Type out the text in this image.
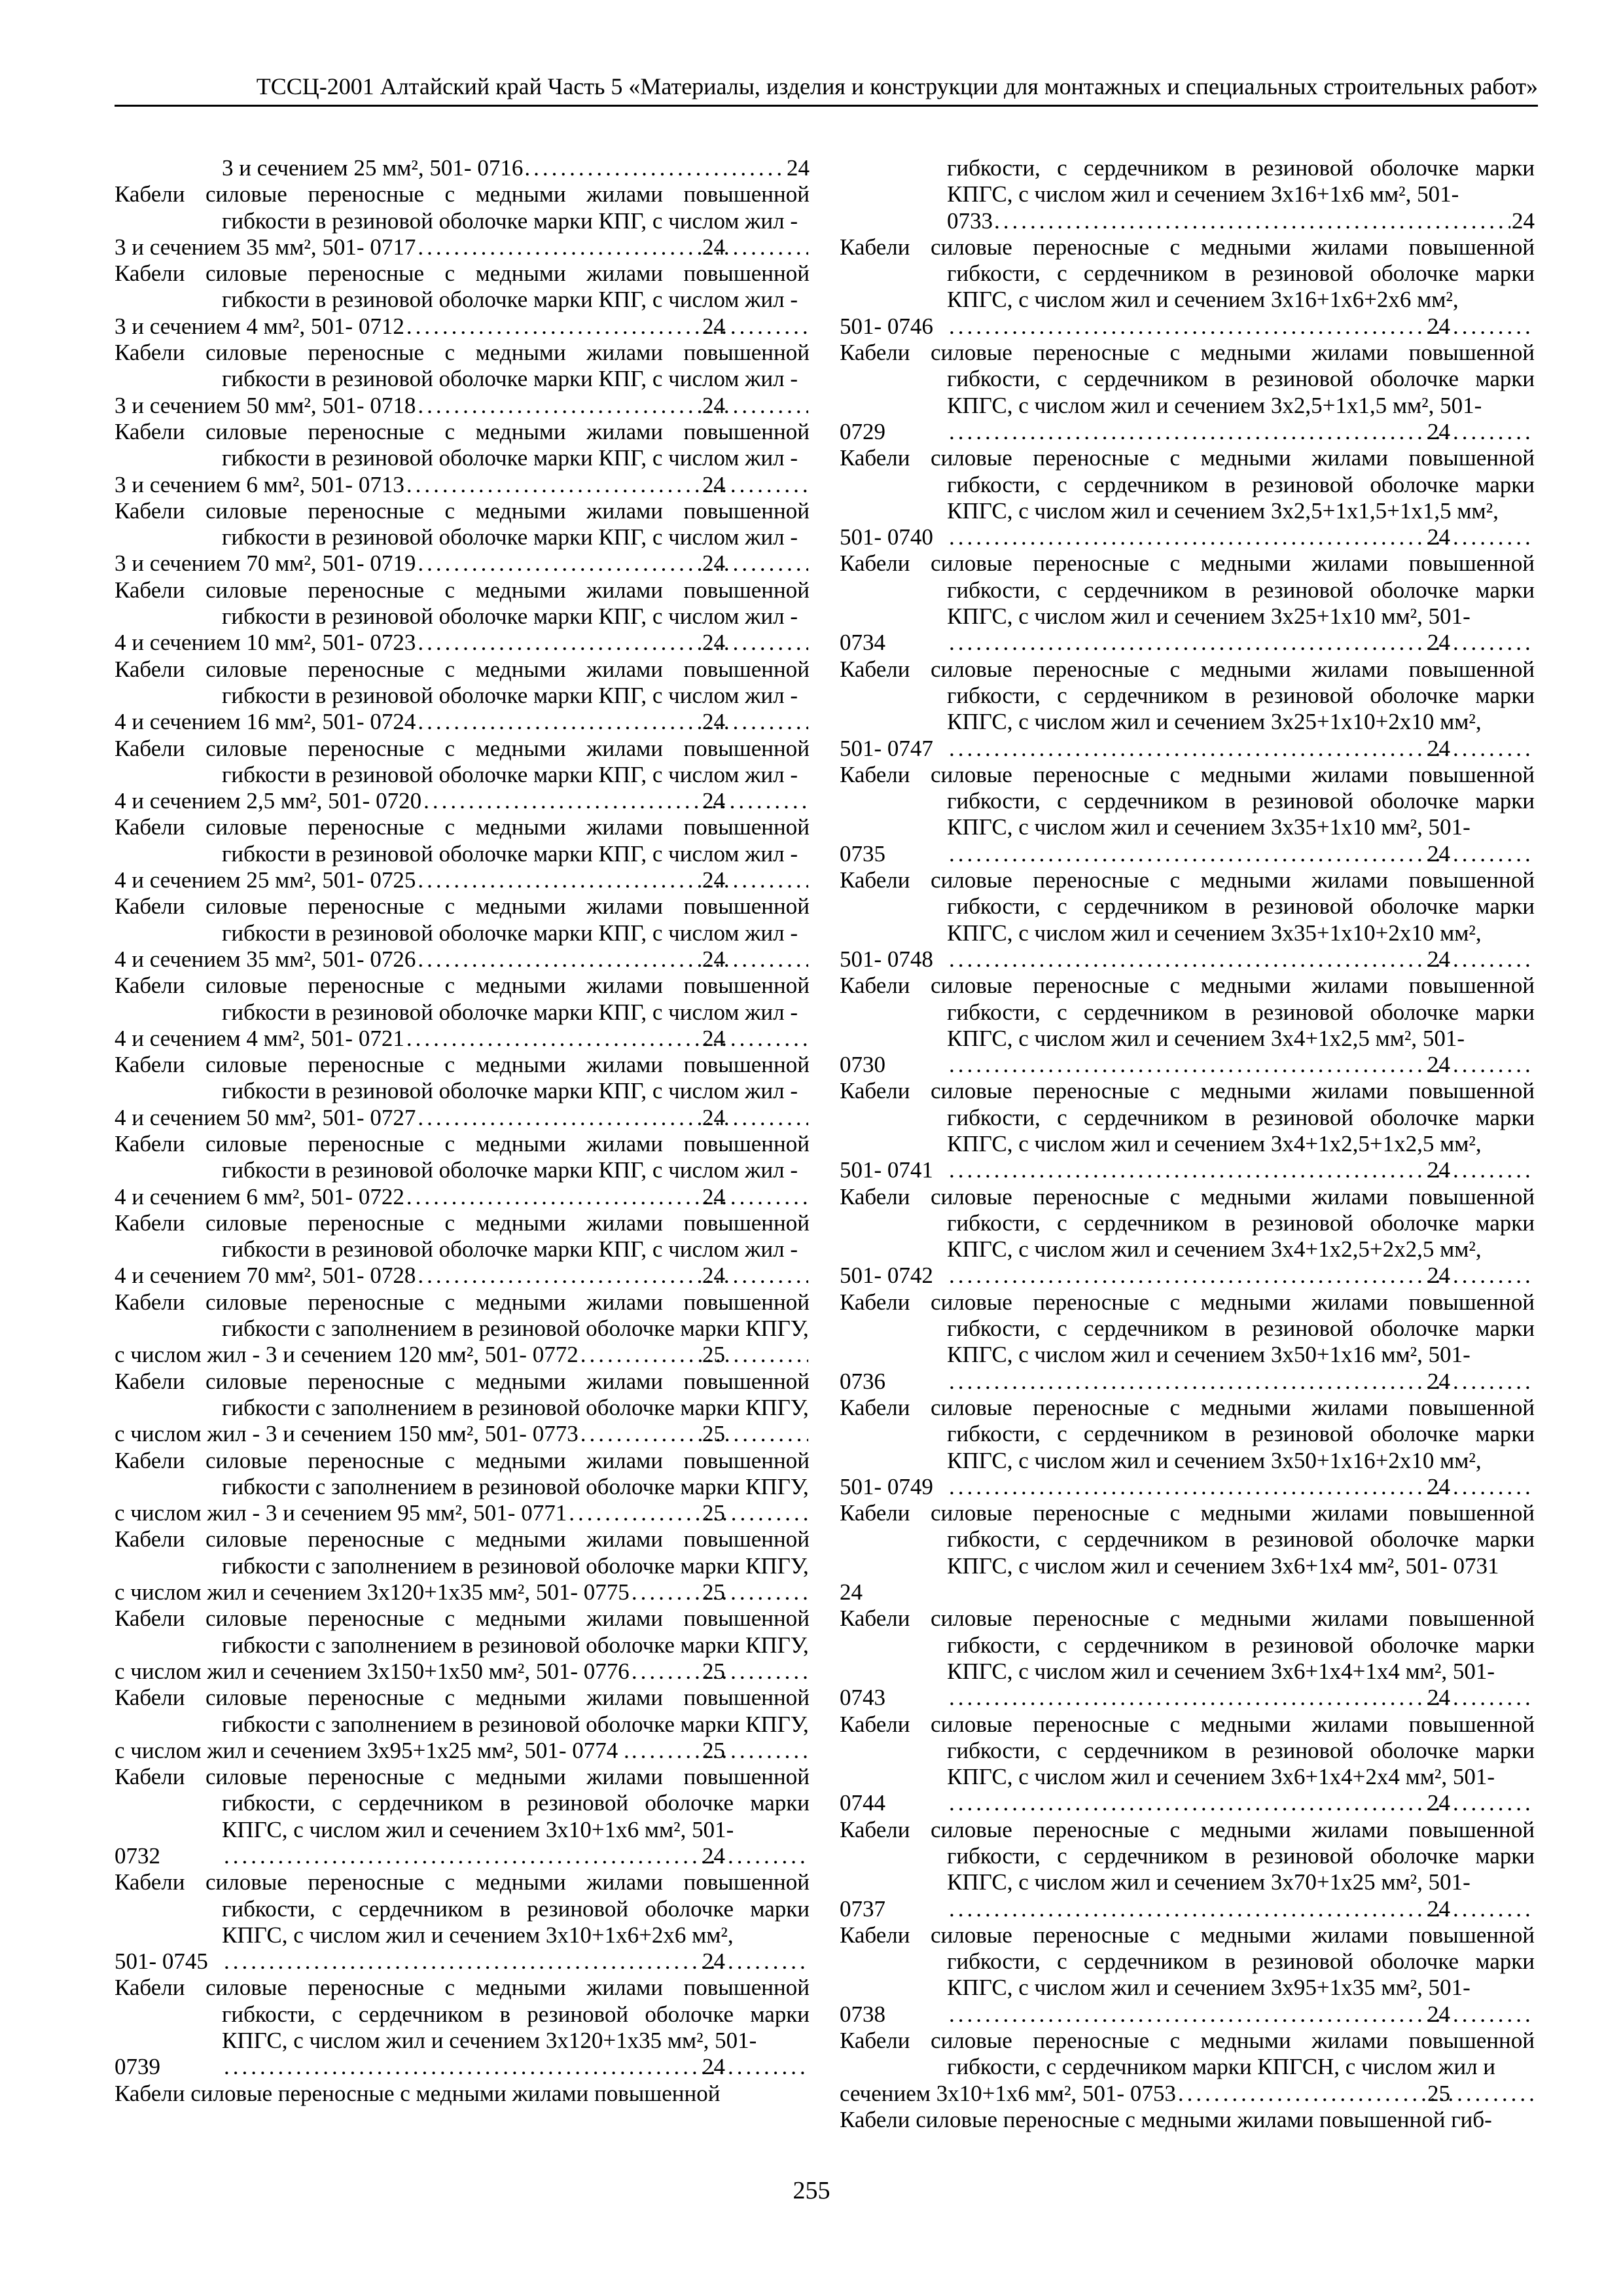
ТССЦ-2001 Алтайский край Часть 5 «Материалы, изделия и конструкции для монтажных и специальных строительных работ»

3 и сечением 25 мм², 501- 0716 .....	24

Кабели силовые переносные с медными жилами повышенной гибкости в резиновой оболочке марки КПГ, с числом жил -
3 и сечением 35 мм², 501- 0717 .....	24

Кабели силовые переносные с медными жилами повышенной гибкости в резиновой оболочке марки КПГ, с числом жил -
3 и сечением 4 мм², 501- 0712 .....	24

Кабели силовые переносные с медными жилами повышенной гибкости в резиновой оболочке марки КПГ, с числом жил -
3 и сечением 50 мм², 501- 0718 .....	24

Кабели силовые переносные с медными жилами повышенной гибкости в резиновой оболочке марки КПГ, с числом жил -
3 и сечением 6 мм², 501- 0713 .....	24

Кабели силовые переносные с медными жилами повышенной гибкости в резиновой оболочке марки КПГ, с числом жил -
3 и сечением 70 мм², 501- 0719 .....	24

Кабели силовые переносные с медными жилами повышенной гибкости в резиновой оболочке марки КПГ, с числом жил -
4 и сечением 10 мм², 501- 0723 .....	24

Кабели силовые переносные с медными жилами повышенной гибкости в резиновой оболочке марки КПГ, с числом жил -
4 и сечением 16 мм², 501- 0724 .....	24

Кабели силовые переносные с медными жилами повышенной гибкости в резиновой оболочке марки КПГ, с числом жил -
4 и сечением 2,5 мм², 501- 0720 .....	24

Кабели силовые переносные с медными жилами повышенной гибкости в резиновой оболочке марки КПГ, с числом жил -
4 и сечением 25 мм², 501- 0725 .....	24

Кабели силовые переносные с медными жилами повышенной гибкости в резиновой оболочке марки КПГ, с числом жил -
4 и сечением 35 мм², 501- 0726 .....	24

Кабели силовые переносные с медными жилами повышенной гибкости в резиновой оболочке марки КПГ, с числом жил -
4 и сечением 4 мм², 501- 0721 .....	24

Кабели силовые переносные с медными жилами повышенной гибкости в резиновой оболочке марки КПГ, с числом жил -
4 и сечением 50 мм², 501- 0727 .....	24

Кабели силовые переносные с медными жилами повышенной гибкости в резиновой оболочке марки КПГ, с числом жил -
4 и сечением 6 мм², 501- 0722 .....	24

Кабели силовые переносные с медными жилами повышенной гибкости в резиновой оболочке марки КПГ, с числом жил -
4 и сечением 70 мм², 501- 0728 .....	24

Кабели силовые переносные с медными жилами повышенной гибкости с заполнением в резиновой оболочке марки КПГУ,
с числом жил - 3 и сечением 120 мм², 501- 0772 .....	25

Кабели силовые переносные с медными жилами повышенной гибкости с заполнением в резиновой оболочке марки КПГУ,
с числом жил - 3 и сечением 150 мм², 501- 0773 .....	25

Кабели силовые переносные с медными жилами повышенной гибкости с заполнением в резиновой оболочке марки КПГУ,
с числом жил - 3 и сечением 95 мм², 501- 0771 .....	25

Кабели силовые переносные с медными жилами повышенной гибкости с заполнением в резиновой оболочке марки КПГУ,
с числом жил и сечением 3х120+1х35 мм², 501- 0775 .....	25

Кабели силовые переносные с медными жилами повышенной гибкости с заполнением в резиновой оболочке марки КПГУ,
с числом жил и сечением 3х150+1х50 мм², 501- 0776 .....	25

Кабели силовые переносные с медными жилами повышенной гибкости с заполнением в резиновой оболочке марки КПГУ,
с числом жил и сечением 3х95+1х25 мм², 501- 0774 . .....	25

Кабели силовые переносные с медными жилами повышенной гибкости, с сердечником в резиновой оболочке марки КПГС, с числом жил и сечением 3х10+1х6 мм², 501-
0732 .....	24

Кабели силовые переносные с медными жилами повышенной гибкости, с сердечником в резиновой оболочке марки КПГС, с числом жил и сечением 3х10+1х6+2х6 мм²,
501- 0745 .....	24

Кабели силовые переносные с медными жилами повышенной гибкости, с сердечником в резиновой оболочке марки КПГС, с числом жил и сечением 3х120+1х35 мм², 501-
0739 .....	24

Кабели силовые переносные с медными жилами повышенной

гибкости, с сердечником в резиновой оболочке марки КПГС, с числом жил и сечением 3х16+1х6 мм², 501-
0733 .....	24

Кабели силовые переносные с медными жилами повышенной гибкости, с сердечником в резиновой оболочке марки КПГС, с числом жил и сечением 3х16+1х6+2х6 мм²,
501- 0746 .....	24

Кабели силовые переносные с медными жилами повышенной гибкости, с сердечником в резиновой оболочке марки КПГС, с числом жил и сечением 3х2,5+1х1,5 мм², 501-
0729 .....	24

Кабели силовые переносные с медными жилами повышенной гибкости, с сердечником в резиновой оболочке марки КПГС, с числом жил и сечением 3х2,5+1х1,5+1х1,5 мм²,
501- 0740 .....	24

Кабели силовые переносные с медными жилами повышенной гибкости, с сердечником в резиновой оболочке марки КПГС, с числом жил и сечением 3х25+1х10 мм², 501-
0734 .....	24

Кабели силовые переносные с медными жилами повышенной гибкости, с сердечником в резиновой оболочке марки КПГС, с числом жил и сечением 3х25+1х10+2х10 мм²,
501- 0747 .....	24

Кабели силовые переносные с медными жилами повышенной гибкости, с сердечником в резиновой оболочке марки КПГС, с числом жил и сечением 3х35+1х10 мм², 501-
0735 .....	24

Кабели силовые переносные с медными жилами повышенной гибкости, с сердечником в резиновой оболочке марки КПГС, с числом жил и сечением 3х35+1х10+2х10 мм²,
501- 0748 .....	24

Кабели силовые переносные с медными жилами повышенной гибкости, с сердечником в резиновой оболочке марки КПГС, с числом жил и сечением 3х4+1х2,5 мм², 501-
0730 .....	24

Кабели силовые переносные с медными жилами повышенной гибкости, с сердечником в резиновой оболочке марки КПГС, с числом жил и сечением 3х4+1х2,5+1х2,5 мм²,
501- 0741 .....	24

Кабели силовые переносные с медными жилами повышенной гибкости, с сердечником в резиновой оболочке марки КПГС, с числом жил и сечением 3х4+1х2,5+2х2,5 мм²,
501- 0742 .....	24

Кабели силовые переносные с медными жилами повышенной гибкости, с сердечником в резиновой оболочке марки КПГС, с числом жил и сечением 3х50+1х16 мм², 501-
0736 .....	24

Кабели силовые переносные с медными жилами повышенной гибкости, с сердечником в резиновой оболочке марки КПГС, с числом жил и сечением 3х50+1х16+2х10 мм²,
501- 0749 .....	24

Кабели силовые переносные с медными жилами повышенной гибкости, с сердечником в резиновой оболочке марки КПГС, с числом жил и сечением 3х6+1х4 мм², 501- 0731
24

Кабели силовые переносные с медными жилами повышенной гибкости, с сердечником в резиновой оболочке марки КПГС, с числом жил и сечением 3х6+1х4+1х4 мм², 501-
0743 .....	24

Кабели силовые переносные с медными жилами повышенной гибкости, с сердечником в резиновой оболочке марки КПГС, с числом жил и сечением 3х6+1х4+2х4 мм², 501-
0744 .....	24

Кабели силовые переносные с медными жилами повышенной гибкости, с сердечником в резиновой оболочке марки КПГС, с числом жил и сечением 3х70+1х25 мм², 501-
0737 .....	24

Кабели силовые переносные с медными жилами повышенной гибкости, с сердечником в резиновой оболочке марки КПГС, с числом жил и сечением 3х95+1х35 мм², 501-
0738 .....	24

Кабели силовые переносные с медными жилами повышенной гибкости, с сердечником марки КПГСН, с числом жил и
сечением 3х10+1х6 мм², 501- 0753 .....	25

Кабели силовые переносные с медными жилами повышенной гиб-

255
